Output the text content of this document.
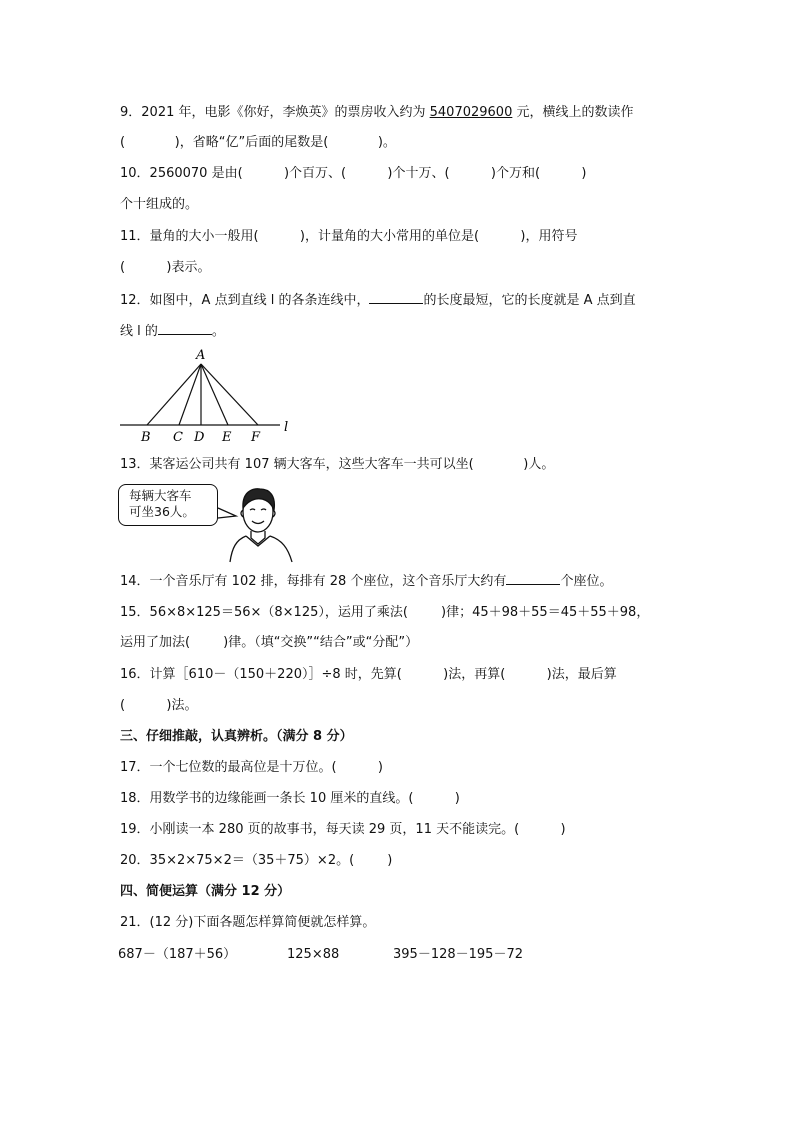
9．2021 年，电影《你好，李焕英》的票房收入约为 5407029600 元，横线上的数读作
(            )，省略“亿”后面的尾数是(            )。
10．2560070 是由(          )个百万、(          )个十万、(          )个万和(          )
个十组成的。
11．量角的大小一般用(          )，计量角的大小常用的单位是(          )，用符号
(          )表示。
12．如图中，A 点到直线 l 的各条连线中，	的长度最短，它的长度就是 A 点到直
线 l 的	。
A
l
B C D E F
13．某客运公司共有 107 辆大客车，这些大客车一共可以坐(            )人。
每辆大客车
可坐36人。
14．一个音乐厅有 102 排，每排有 28 个座位，这个音乐厅大约有	个座位。
15．56×8×125＝56×（8×125），运用了乘法(        )律；45＋98＋55＝45＋55＋98，
运用了加法(        )律。（填“交换”“结合”或“分配”）
16．计算［610－（150＋220）］÷8 时，先算(          )法，再算(          )法，最后算
(          )法。
三、仔细推敲，认真辨析。（满分 8 分）
17．一个七位数的最高位是十万位。(          )
18．用数学书的边缘能画一条长 10 厘米的直线。(          )
19．小刚读一本 280 页的故事书，每天读 29 页，11 天不能读完。(          )
20．35×2×75×2＝（35＋75）×2。(        )
四、简便运算（满分 12 分）
21．(12 分)下面各题怎样算简便就怎样算。
687－（187＋56）	125×88	395－128－195－72
